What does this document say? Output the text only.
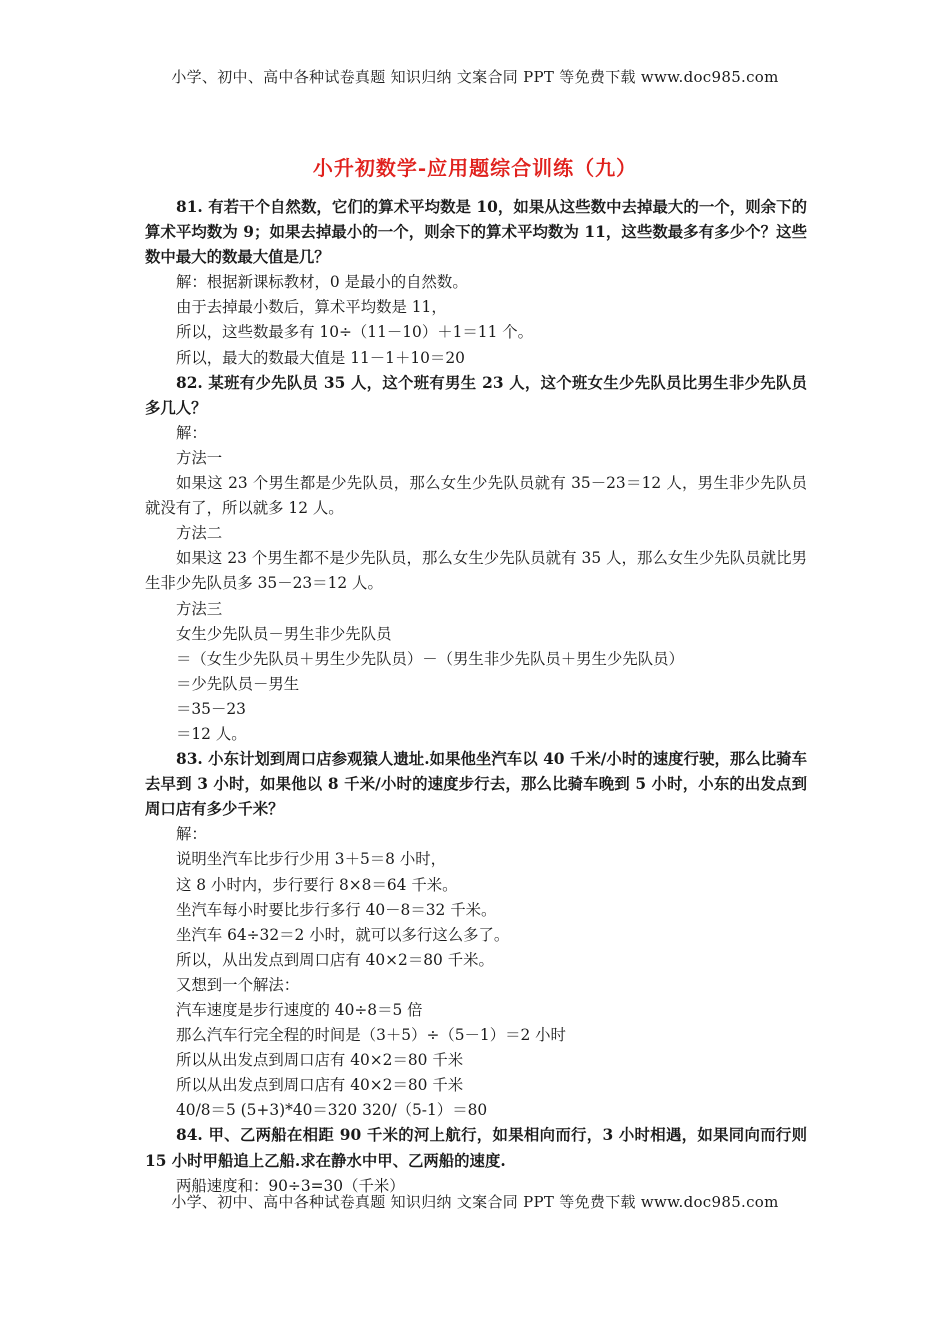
小学、初中、高中各种试卷真题 知识归纳 文案合同 PPT 等免费下载 www.doc985.com
小升初数学-应用题综合训练（九）

81. 有若干个自然数，它们的算术平均数是 10，如果从这些数中去掉最大的一个，则余下的算术平均数为 9；如果去掉最小的一个，则余下的算术平均数为 11，这些数最多有多少个？这些数中最大的数最大值是几？

解：根据新课标教材，0 是最小的自然数。

由于去掉最小数后，算术平均数是 11，

所以，这些数最多有 10÷（11－10）＋1＝11 个。

所以，最大的数最大值是 11－1＋10＝20

82. 某班有少先队员 35 人，这个班有男生 23 人，这个班女生少先队员比男生非少先队员多几人？

解：

方法一

如果这 23 个男生都是少先队员，那么女生少先队员就有 35－23＝12 人，男生非少先队员就没有了，所以就多 12 人。

方法二

如果这 23 个男生都不是少先队员，那么女生少先队员就有 35 人，那么女生少先队员就比男生非少先队员多 35－23＝12 人。

方法三

女生少先队员－男生非少先队员

＝（女生少先队员＋男生少先队员）－（男生非少先队员＋男生少先队员）

＝少先队员－男生

＝35－23

＝12 人。

83. 小东计划到周口店参观猿人遗址.如果他坐汽车以 40 千米/小时的速度行驶，那么比骑车去早到 3 小时，如果他以 8 千米/小时的速度步行去，那么比骑车晚到 5 小时，小东的出发点到周口店有多少千米？

解：

说明坐汽车比步行少用 3＋5＝8 小时，

这 8 小时内，步行要行 8×8＝64 千米。

坐汽车每小时要比步行多行 40－8＝32 千米。

坐汽车 64÷32＝2 小时，就可以多行这么多了。

所以，从出发点到周口店有 40×2＝80 千米。

又想到一个解法：

汽车速度是步行速度的 40÷8＝5 倍

那么汽车行完全程的时间是（3＋5）÷（5－1）＝2 小时

所以从出发点到周口店有 40×2＝80 千米

所以从出发点到周口店有 40×2＝80 千米

40/8＝5 (5+3)*40＝320 320/（5-1）＝80

84. 甲、乙两船在相距 90 千米的河上航行，如果相向而行，3 小时相遇，如果同向而行则 15 小时甲船追上乙船.求在静水中甲、乙两船的速度.

两船速度和：90÷3=30（千米）

小学、初中、高中各种试卷真题 知识归纳 文案合同 PPT 等免费下载 www.doc985.com
